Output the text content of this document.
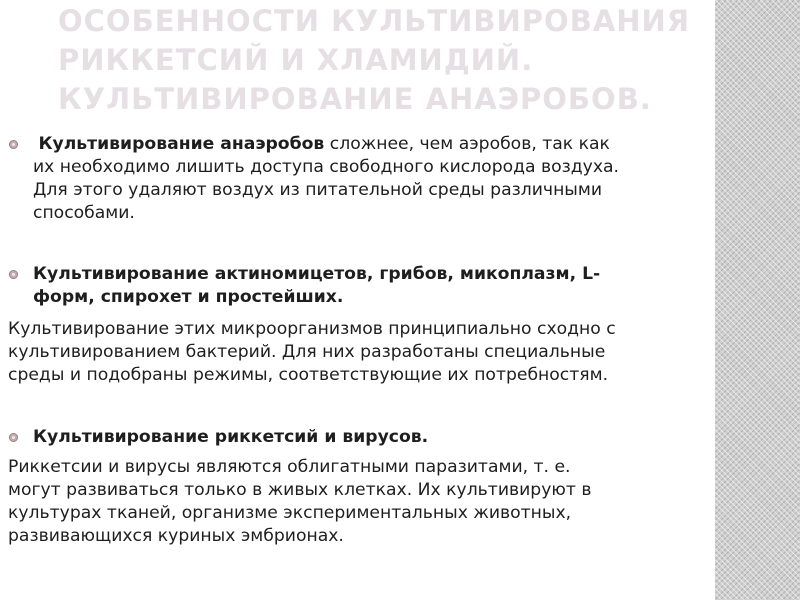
ОСОБЕННОСТИ КУЛЬТИВИРОВАНИЯ
РИККЕТСИЙ И ХЛАМИДИЙ.
КУЛЬТИВИРОВАНИЕ АНАЭРОБОВ.

Культивирование анаэробов сложнее, чем аэробов, так как
их необходимо лишить доступа свободного кислорода воздуха.
Для этого удаляют воздух из питательной среды различными
способами.

Культивирование актиномицетов, грибов, микоплазм, L-
форм, спирохет и простейших.

Культивирование этих микроорганизмов принципиально сходно с
культивированием бактерий. Для них разработаны специальные
среды и подобраны режимы, соответствующие их потребностям.

Культивирование риккетсий и вирусов.

Риккетсии и вирусы являются облигатными паразитами, т. е.
могут развиваться только в живых клетках. Их культивируют в
культурах тканей, организме экспериментальных животных,
развивающихся куриных эмбрионах.
